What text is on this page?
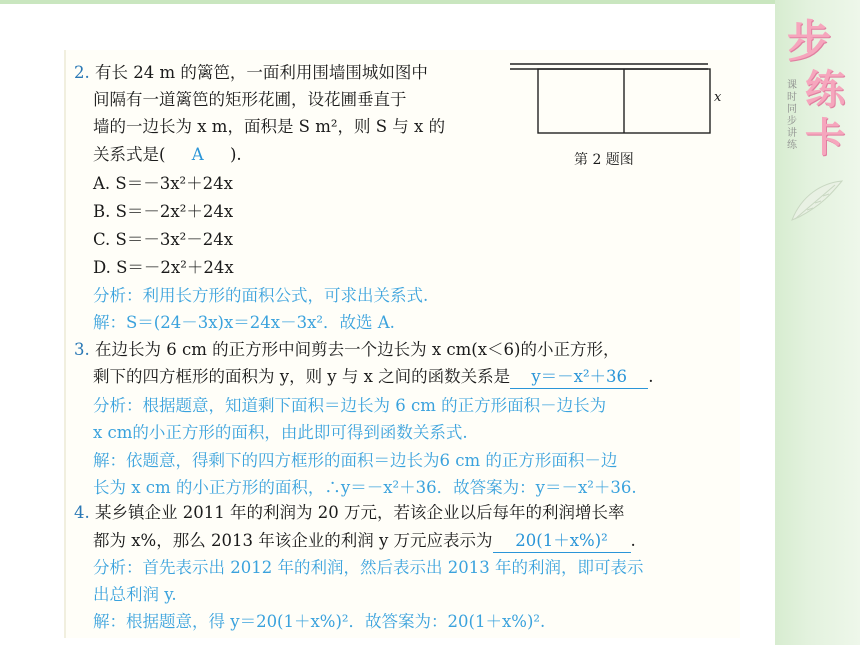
步
练
卡
课时同步讲练
x
第 2 题图
2. 有长 24 m 的篱笆，一面利用围墙围城如图中
间隔有一道篱笆的矩形花圃，设花圃垂直于
墙的一边长为 x m，面积是 S m²，则 S 与 x 的
关系式是( A ).
A. S＝－3x²＋24x
B. S＝－2x²＋24x
C. S＝－3x²－24x
D. S＝－2x²＋24x
分析：利用长方形的面积公式，可求出关系式.
解：S＝(24－3x)x＝24x－3x²．故选 A.
3. 在边长为 6 cm 的正方形中间剪去一个边长为 x cm(x＜6)的小正方形，
剩下的四方框形的面积为 y，则 y 与 x 之间的函数关系是 y＝－x²＋36 .
分析：根据题意，知道剩下面积＝边长为 6 cm 的正方形面积－边长为
x cm的小正方形的面积，由此即可得到函数关系式.
解：依题意，得剩下的四方框形的面积＝边长为6 cm 的正方形面积－边
长为 x cm 的小正方形的面积，∴y＝－x²＋36．故答案为：y＝－x²＋36.
4. 某乡镇企业 2011 年的利润为 20 万元，若该企业以后每年的利润增长率
都为 x%，那么 2013 年该企业的利润 y 万元应表示为 20(1＋x%)² .
分析：首先表示出 2012 年的利润，然后表示出 2013 年的利润，即可表示
出总利润 y.
解：根据题意，得 y＝20(1＋x%)²．故答案为：20(1＋x%)².
